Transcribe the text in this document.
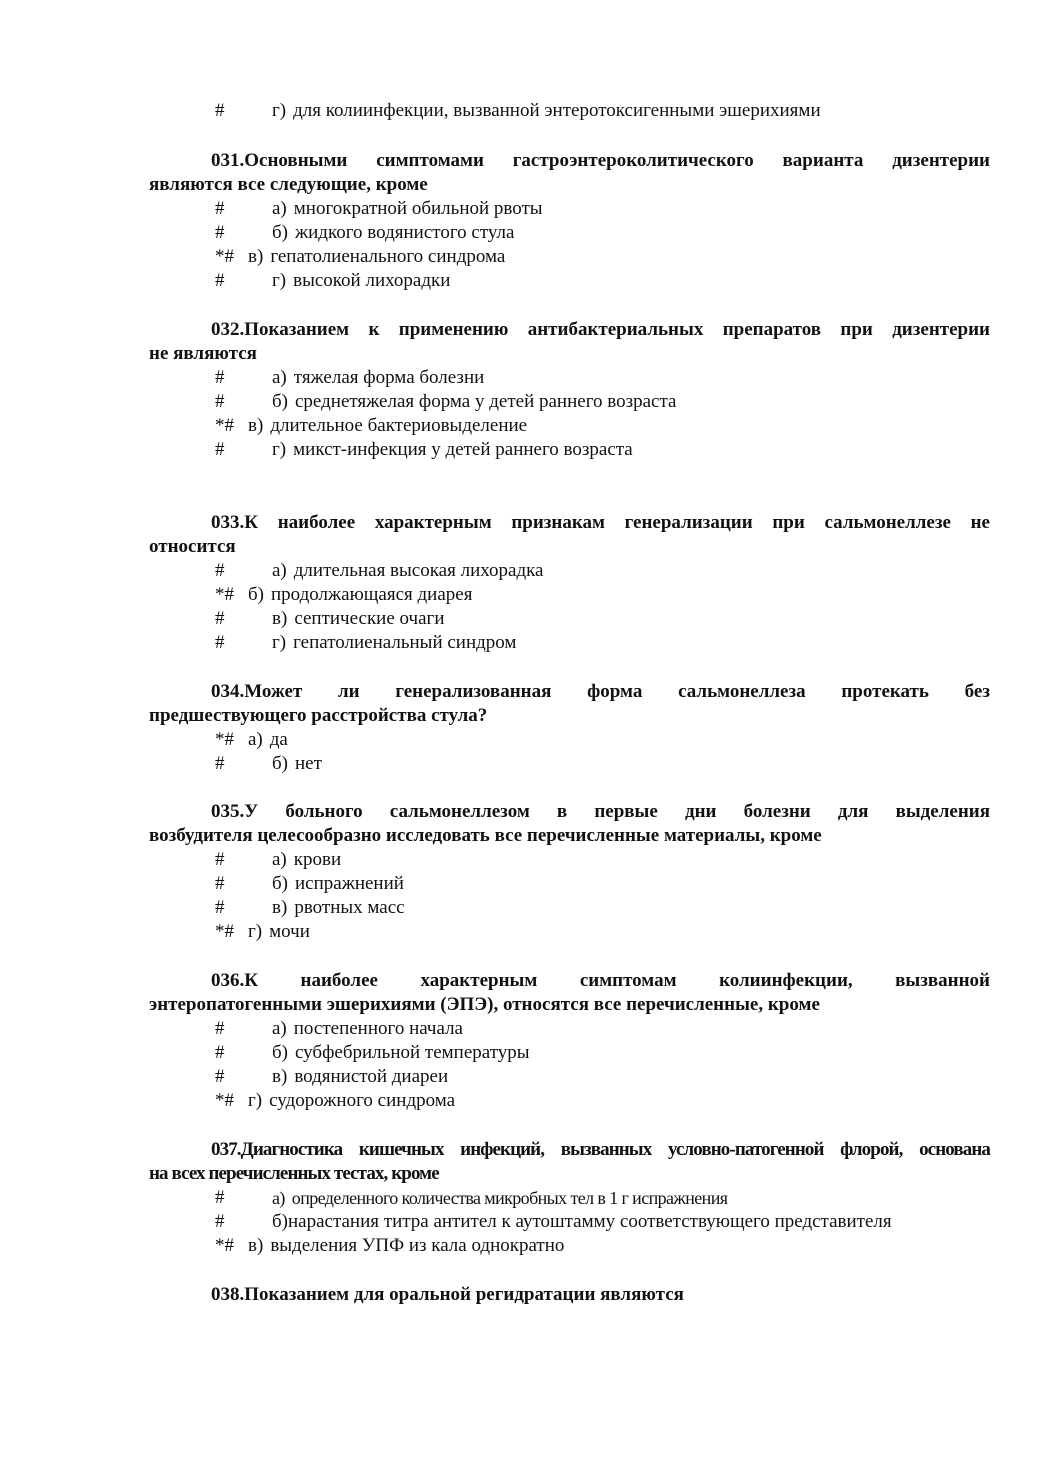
#	г) для колиинфекции, вызванной энтеротоксигенными эшерихиями
031.Основными симптомами гастроэнтероколитического варианта дизентерии
являются все следующие, кроме
#	а) многократной обильной рвоты
#	б) жидкого водянистого стула
*# в) гепатолиенального синдрома
#	г) высокой лихорадки
032.Показанием к применению антибактериальных препаратов при дизентерии
не являются
#	а) тяжелая форма болезни
#	б) среднетяжелая форма у детей раннего возраста
*# в) длительное бактериовыделение
#	г) микст-инфекция у детей раннего возраста
033.К наиболее характерным признакам генерализации при сальмонеллезе не
относится
#	а) длительная высокая лихорадка
*# б) продолжающаяся диарея
#	в) септические очаги
#	г) гепатолиенальный синдром
034.Может ли генерализованная форма сальмонеллеза протекать без
предшествующего расстройства стула?
*# а) да
#	б) нет
035.У больного сальмонеллезом в первые дни болезни для выделения
возбудителя целесообразно исследовать все перечисленные материалы, кроме
#	а) крови
#	б) испражнений
#	в) рвотных масс
*# г) мочи
036.К наиболее характерным симптомам колиинфекции, вызванной
энтеропатогенными эшерихиями (ЭПЭ), относятся все перечисленные, кроме
#	а) постепенного начала
#	б) субфебрильной температуры
#	в) водянистой диареи
*# г) судорожного синдрома
037.Диагностика кишечных инфекций, вызванных условно-патогенной флорой, основана
на всех перечисленных тестах, кроме
#	а) определенного количества микробных тел в 1 г испражнения
#	б)нарастания титра антител к аутоштамму соответствующего представителя
*# в) выделения УПФ из кала однократно
038.Показанием для оральной регидратации являются
